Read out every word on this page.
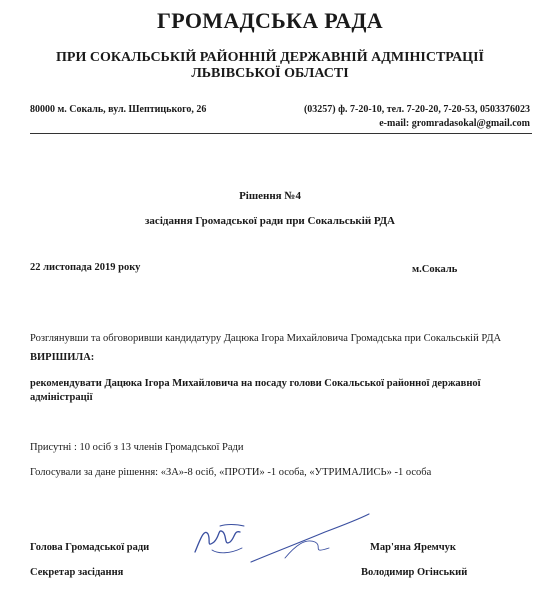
ГРОМАДСЬКА РАДА
ПРИ СОКАЛЬСЬКІЙ РАЙОННІЙ ДЕРЖАВНІЙ АДМІНІСТРАЦІЇ
ЛЬВІВСЬКОЇ ОБЛАСТІ
80000 м. Сокаль, вул. Шептицького, 26	(03257) ф. 7-20-10, тел. 7-20-20, 7-20-53, 0503376023
e-mail: gromradasokal@gmail.com
Рішення №4
засідання Громадської ради при Сокальській РДА
22 листопада 2019 року	м.Сокаль
Розглянувши та обговоривши кандидатуру Дацюка Ігора Михайловича Громадська при Сокальській РДА
ВИРІШИЛА:
рекомендувати Дацюка Ігора Михайловича на посаду голови Сокальської районної державної адміністрації
Присутні : 10 осіб з 13 членів Громадської Ради
Голосували за дане рішення: «ЗА»-8 осіб, «ПРОТИ» -1 особа, «УТРИМАЛИСЬ» -1 особа
Голова Громадської ради	Мар'яна Яремчук
Секретар засідання	Володимир Огінський
